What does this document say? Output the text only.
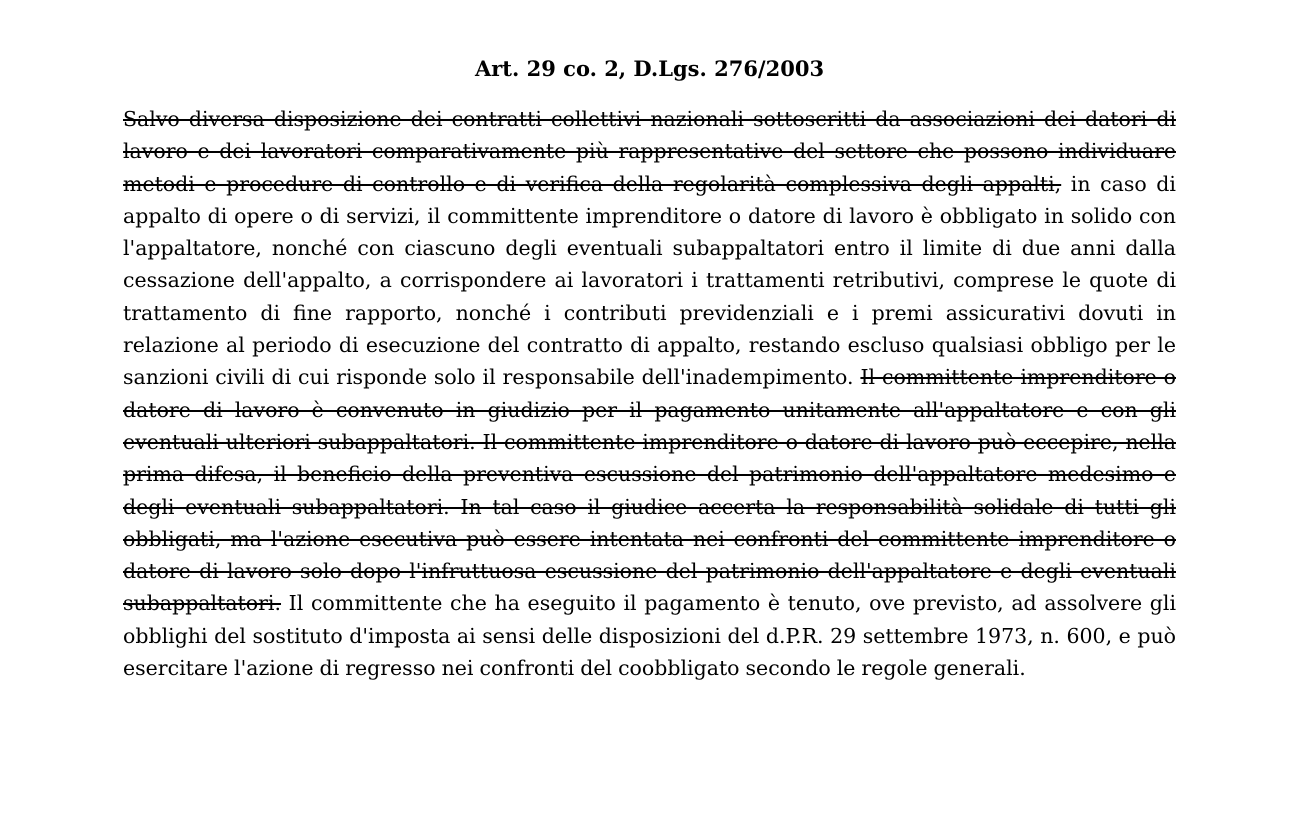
Art. 29 co. 2, D.Lgs. 276/2003

Salvo diversa disposizione dei contratti collettivi nazionali sottoscritti da associazioni dei datori di lavoro e dei lavoratori comparativamente più rappresentative del settore che possono individuare metodi e procedure di controllo e di verifica della regolarità complessiva degli appalti, in caso di appalto di opere o di servizi, il committente imprenditore o datore di lavoro è obbligato in solido con l'appaltatore, nonché con ciascuno degli eventuali subappaltatori entro il limite di due anni dalla cessazione dell'appalto, a corrispondere ai lavoratori i trattamenti retributivi, comprese le quote di trattamento di fine rapporto, nonché i contributi previdenziali e i premi assicurativi dovuti in relazione al periodo di esecuzione del contratto di appalto, restando escluso qualsiasi obbligo per le sanzioni civili di cui risponde solo il responsabile dell'inadempimento. Il committente imprenditore o datore di lavoro è convenuto in giudizio per il pagamento unitamente all'appaltatore e con gli eventuali ulteriori subappaltatori. Il committente imprenditore o datore di lavoro può eccepire, nella prima difesa, il beneficio della preventiva escussione del patrimonio dell'appaltatore medesimo e degli eventuali subappaltatori. In tal caso il giudice accerta la responsabilità solidale di tutti gli obbligati, ma l'azione esecutiva può essere intentata nei confronti del committente imprenditore o datore di lavoro solo dopo l'infruttuosa escussione del patrimonio dell'appaltatore e degli eventuali subappaltatori. Il committente che ha eseguito il pagamento è tenuto, ove previsto, ad assolvere gli obblighi del sostituto d'imposta ai sensi delle disposizioni del d.P.R. 29 settembre 1973, n. 600, e può esercitare l'azione di regresso nei confronti del coobbligato secondo le regole generali.
